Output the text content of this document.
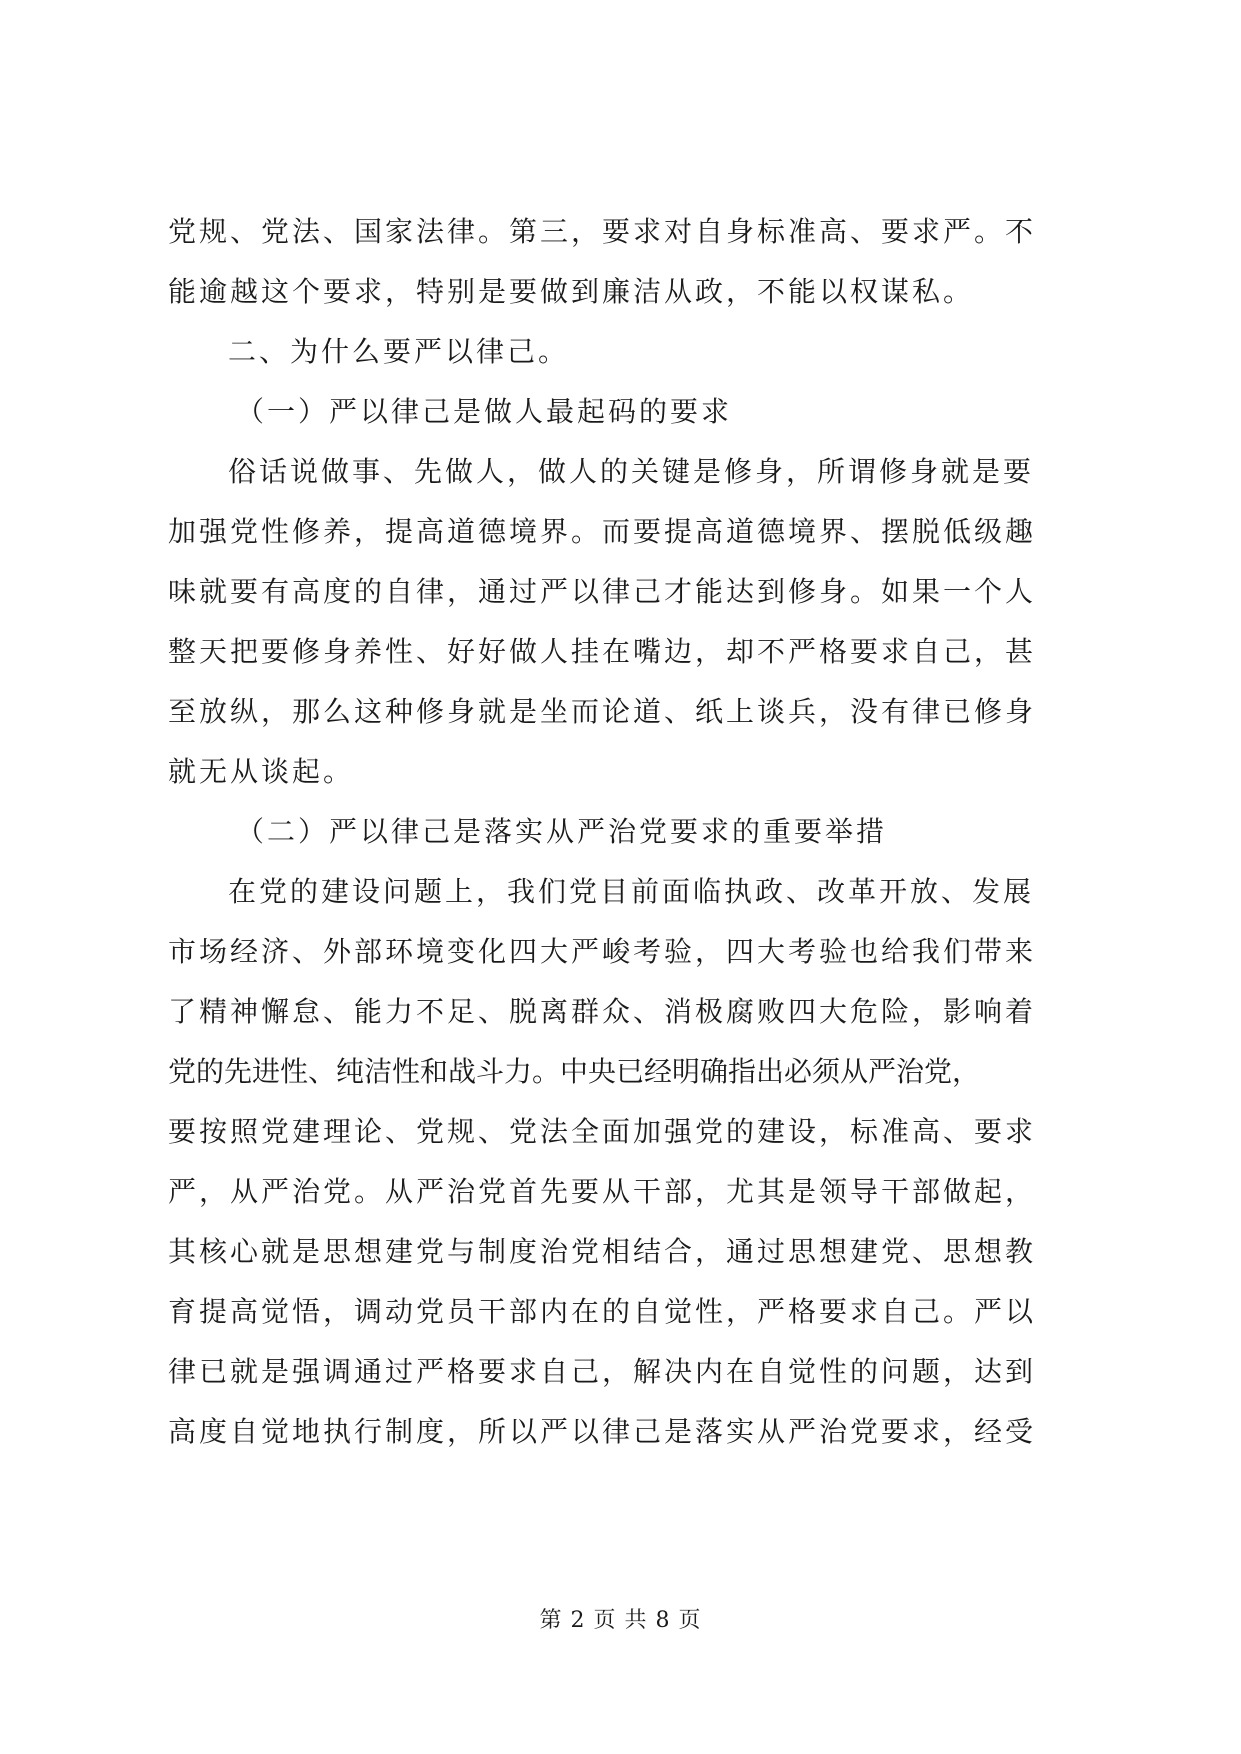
党规、党法、国家法律。第三，要求对自身标准高、要求严。不
能逾越这个要求，特别是要做到廉洁从政，不能以权谋私。
二、为什么要严以律己。
（一）严以律己是做人最起码的要求
俗话说做事、先做人，做人的关键是修身，所谓修身就是要
加强党性修养，提高道德境界。而要提高道德境界、摆脱低级趣
味就要有高度的自律，通过严以律己才能达到修身。如果一个人
整天把要修身养性、好好做人挂在嘴边，却不严格要求自己，甚
至放纵，那么这种修身就是坐而论道、纸上谈兵，没有律已修身
就无从谈起。
（二）严以律己是落实从严治党要求的重要举措
在党的建设问题上，我们党目前面临执政、改革开放、发展
市场经济、外部环境变化四大严峻考验，四大考验也给我们带来
了精神懈怠、能力不足、脱离群众、消极腐败四大危险，影响着
党的先进性、纯洁性和战斗力。中央已经明确指出必须从严治党，
要按照党建理论、党规、党法全面加强党的建设，标准高、要求
严，从严治党。从严治党首先要从干部，尤其是领导干部做起，
其核心就是思想建党与制度治党相结合，通过思想建党、思想教
育提高觉悟，调动党员干部内在的自觉性，严格要求自己。严以
律已就是强调通过严格要求自己，解决内在自觉性的问题，达到
高度自觉地执行制度，所以严以律己是落实从严治党要求，经受
第 2 页 共 8 页
